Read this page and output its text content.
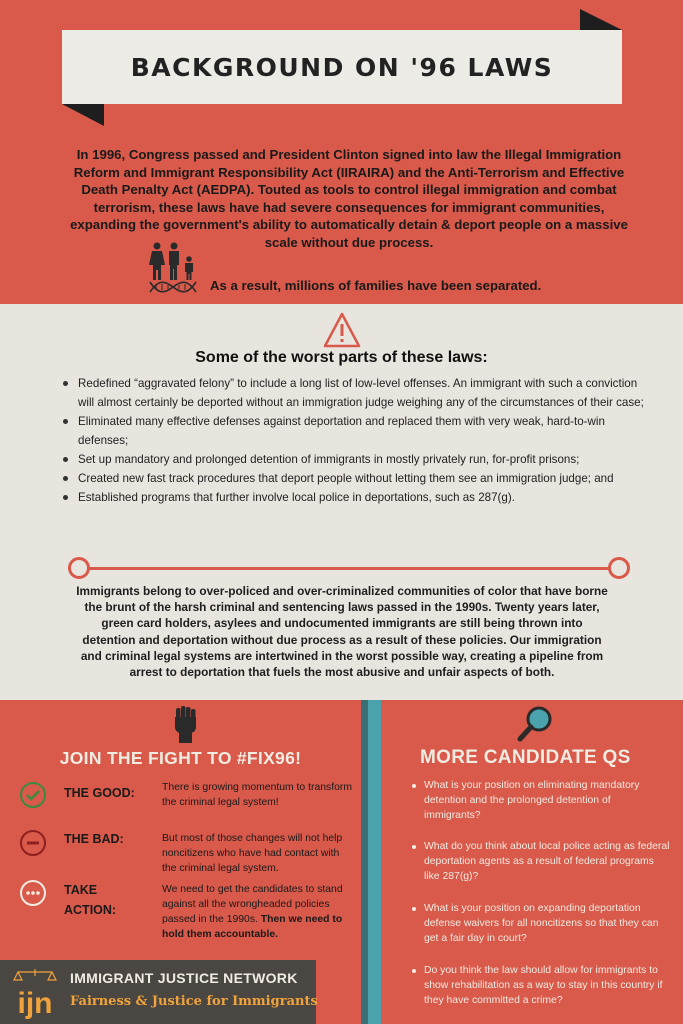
BACKGROUND ON '96 LAWS

In 1996, Congress passed and President Clinton signed into law the Illegal Immigration Reform and Immigrant Responsibility Act (IIRAIRA) and the Anti-Terrorism and Effective Death Penalty Act (AEDPA). Touted as tools to control illegal immigration and combat terrorism, these laws have had severe consequences for immigrant communities, expanding the government's ability to automatically detain & deport people on a massive scale without due process.

As a result, millions of families have been separated.
Some of the worst parts of these laws:
Redefined “aggravated felony” to include a long list of low-level offenses. An immigrant with such a conviction will almost certainly be deported without an immigration judge weighing any of the circumstances of their case;
Eliminated many effective defenses against deportation and replaced them with very weak, hard-to-win defenses;
Set up mandatory and prolonged detention of immigrants in mostly privately run, for-profit prisons;
Created new fast track procedures that deport people without letting them see an immigration judge; and
Established programs that further involve local police in deportations, such as 287(g).

Immigrants belong to over-policed and over-criminalized communities of color that have borne the brunt of the harsh criminal and sentencing laws passed in the 1990s. Twenty years later, green card holders, asylees and undocumented immigrants are still being thrown into detention and deportation without due process as a result of these policies. Our immigration and criminal legal systems are intertwined in the worst possible way, creating a pipeline from arrest to deportation that fuels the most abusive and unfair aspects of both.

JOIN THE FIGHT TO #FIX96!
THE GOOD:	There is growing momentum to transform the criminal legal system!
THE BAD:	But most of those changes will not help noncitizens who have had contact with the criminal legal system.
TAKE
ACTION:
We need to get the candidates to stand against all the wrongheaded policies passed in the 1990s. Then we need to hold them accountable.
MORE CANDIDATE QS
What is your position on eliminating mandatory detention and the prolonged detention of immigrants?
What do you think about local police acting as federal deportation agents as a result of federal programs like 287(g)?
What is your position on expanding deportation defense waivers for all noncitizens so that they can get a fair day in court?
Do you think the law should allow for immigrants to show rehabilitation as a way to stay in this country if they have committed a crime?
ijn
IMMIGRANT JUSTICE NETWORK
Fairness & Justice for Immigrants
